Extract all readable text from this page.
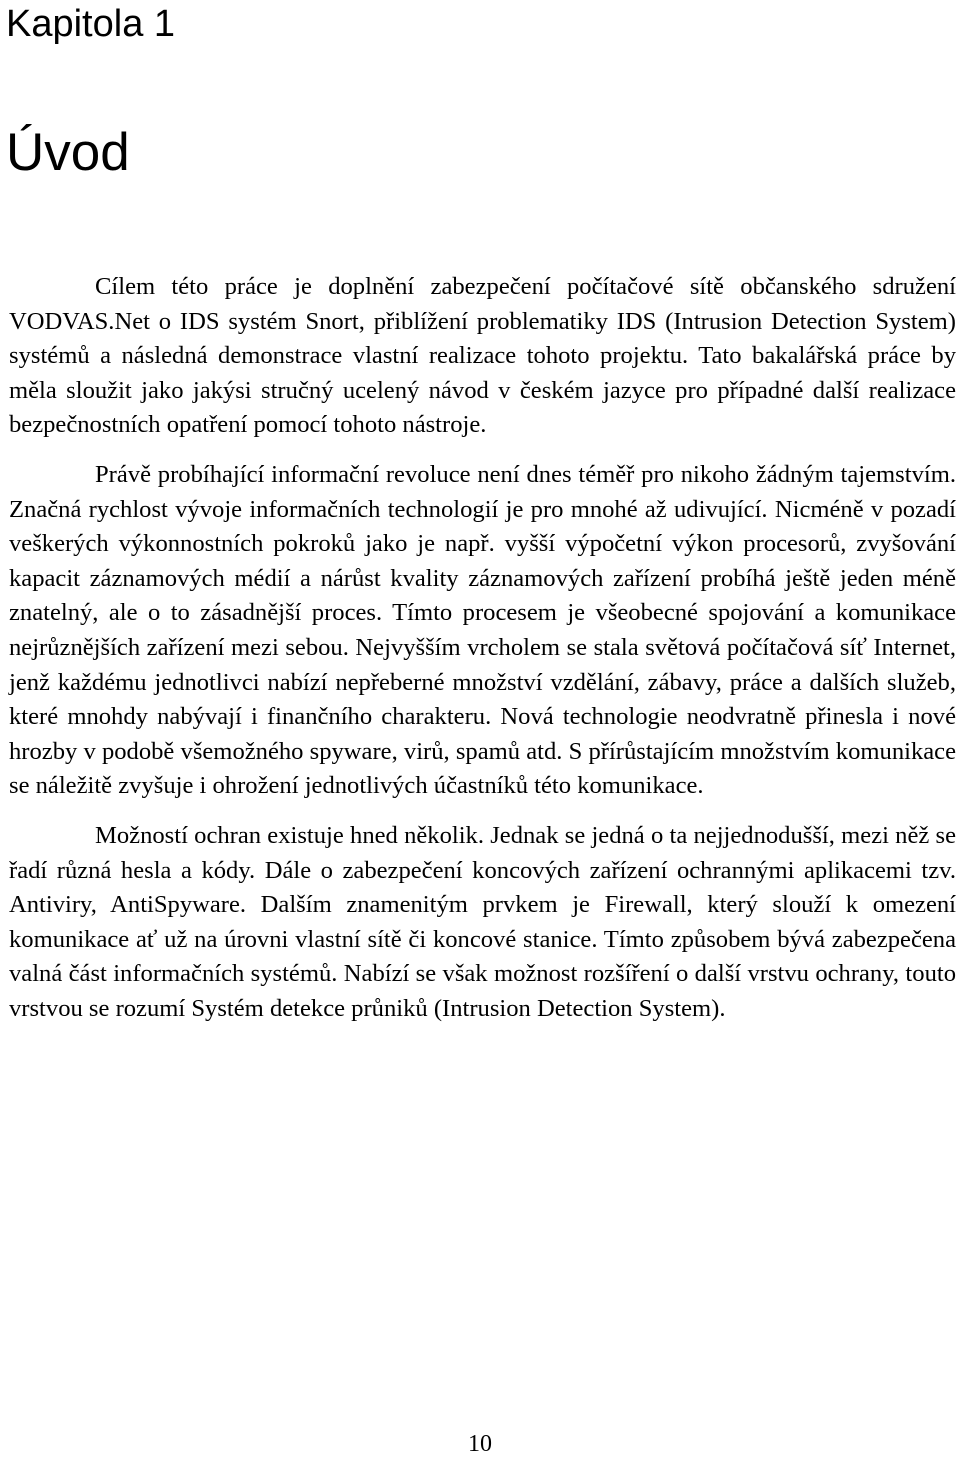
Kapitola 1
Úvod

Cílem této práce je doplnění zabezpečení počítačové sítě občanského sdružení VODVAS.Net o IDS systém Snort, přiblížení problematiky IDS (Intrusion Detection System) systémů a následná demonstrace vlastní realizace tohoto projektu. Tato bakalářská práce by měla sloužit jako jakýsi stručný ucelený návod v českém jazyce pro případné další realizace bezpečnostních opatření pomocí tohoto nástroje.

Právě probíhající informační revoluce není dnes téměř pro nikoho žádným tajemstvím. Značná rychlost vývoje informačních technologií je pro mnohé až udivující. Nicméně v pozadí veškerých výkonnostních pokroků jako je např. vyšší výpočetní výkon procesorů, zvyšování kapacit záznamových médií a nárůst kvality záznamových zařízení probíhá ještě jeden méně znatelný, ale o to zásadnější proces. Tímto procesem je všeobecné spojování a komunikace nejrůznějších zařízení mezi sebou. Nejvyšším vrcholem se stala světová počítačová síť Internet, jenž každému jednotlivci nabízí nepřeberné množství vzdělání, zábavy, práce a dalších služeb, které mnohdy nabývají i finančního charakteru. Nová technologie neodvratně přinesla i nové hrozby v podobě všemožného spyware, virů, spamů atd. S přírůstajícím množstvím komunikace se náležitě zvyšuje i ohrožení jednotlivých účastníků této komunikace.

Možností ochran existuje hned několik. Jednak se jedná o ta nejjednodušší, mezi něž se řadí různá hesla a kódy. Dále o zabezpečení koncových zařízení ochrannými aplikacemi tzv. Antiviry, AntiSpyware. Dalším znamenitým prvkem je Firewall, který slouží k omezení komunikace ať už na úrovni vlastní sítě či koncové stanice. Tímto způsobem bývá zabezpečena valná část informačních systémů. Nabízí se však možnost rozšíření o další vrstvu ochrany, touto vrstvou se rozumí Systém detekce průniků (Intrusion Detection System).

10
